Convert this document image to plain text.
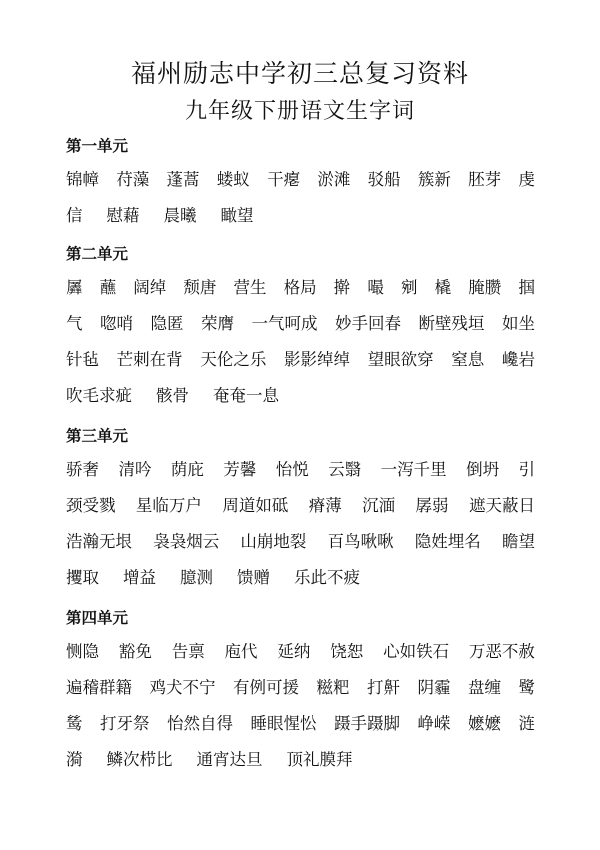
福州励志中学初三总复习资料
九年级下册语文生字词
第一单元
锦幛 苻藻 蓬蒿 蝼蚁 干瘪 淤滩 驳船 簇新 胚芽 虔
信 慰藉 晨曦 瞰望
第二单元
羼 蘸 阔绰 颓唐 营生 格局 擀 嘬 剜 橇 腌臜 掴
气 唿哨 隐匿 荣膺 一气呵成 妙手回春 断壁残垣 如坐
针毡 芒刺在背 天伦之乐 影影绰绰 望眼欲穿 窒息 巉岩
吹毛求疵 骸骨 奄奄一息
第三单元
骄奢 清吟 荫庇 芳馨 怡悦 云翳 一泻千里 倒坍 引
颈受戮 星临万户 周道如砥 瘠薄 沉湎 孱弱 遮天蔽日
浩瀚无垠 袅袅烟云 山崩地裂 百鸟啾啾 隐姓埋名 瞻望
攫取 增益 臆测 馈赠 乐此不疲
第四单元
恻隐 豁免 告禀 庖代 延纳 饶恕 心如铁石 万恶不赦
遍稽群籍 鸡犬不宁 有例可援 糍粑 打鼾 阴霾 盘缠 鹭
鸶 打牙祭 怡然自得 睡眼惺忪 蹑手蹑脚 峥嵘 嬷嬷 涟
漪 鳞次栉比 通宵达旦 顶礼膜拜
